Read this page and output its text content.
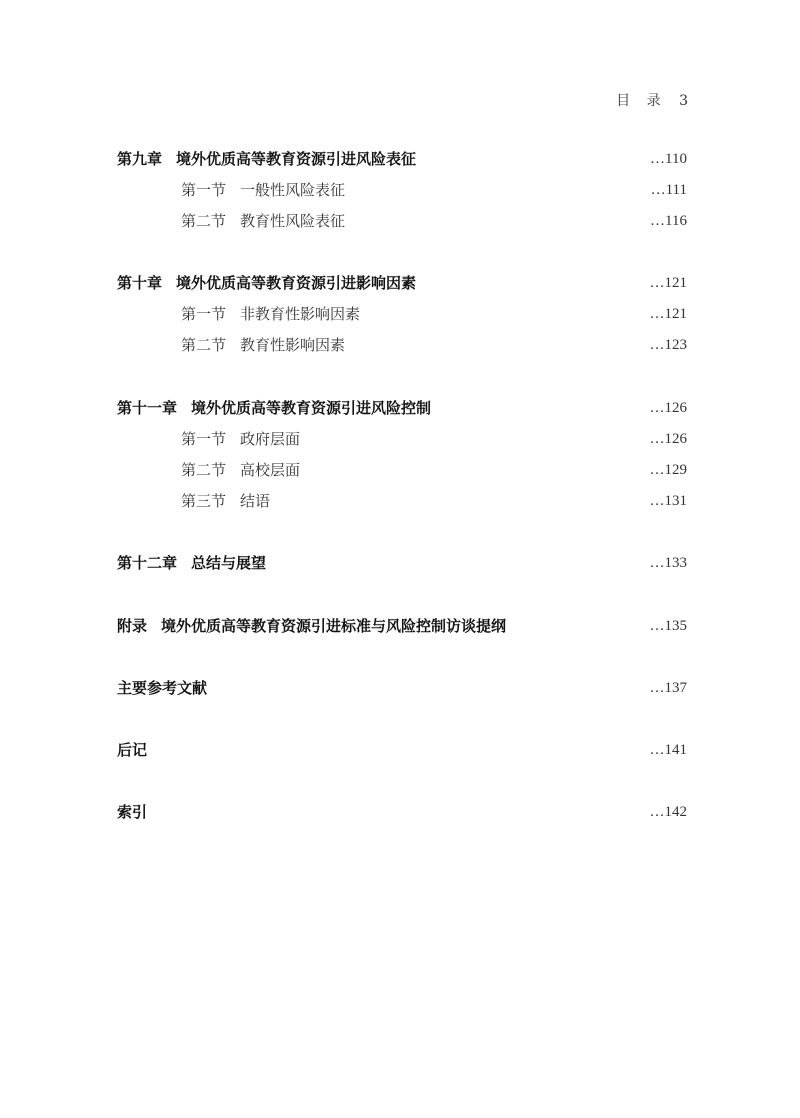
目 录 3
第九章 境外优质高等教育资源引进风险表征	…110
第一节 一般性风险表征	…111
第二节 教育性风险表征	…116
第十章 境外优质高等教育资源引进影响因素	…121
第一节 非教育性影响因素	…121
第二节 教育性影响因素	…123
第十一章 境外优质高等教育资源引进风险控制	…126
第一节 政府层面	…126
第二节 高校层面	…129
第三节 结语	…131
第十二章 总结与展望	…133
附录 境外优质高等教育资源引进标准与风险控制访谈提纲	…135
主要参考文献	…137
后记	…141
索引	…142
